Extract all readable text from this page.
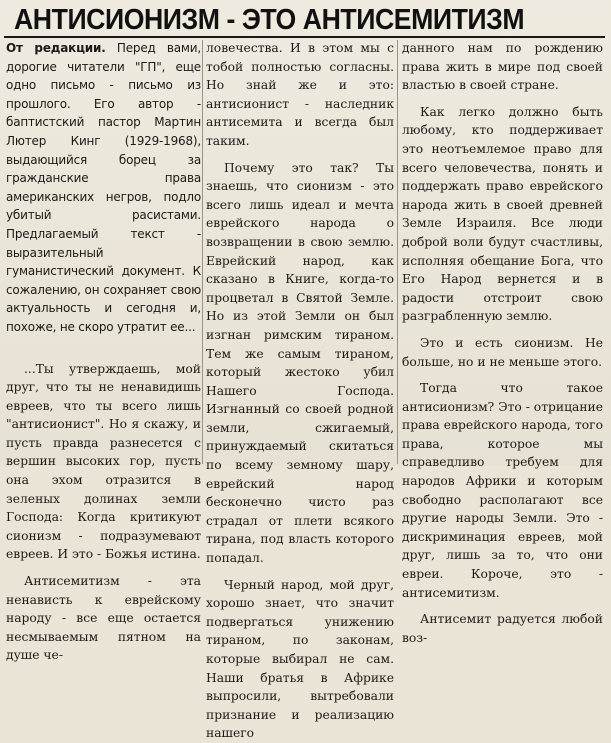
АНТИСИОНИЗМ - ЭТО АНТИСЕМИТИЗМ

От редакции. Перед вами, дорогие читатели "ГП", еще одно письмо - письмо из прошлого. Его автор - баптистский пастор Мартин Лютер Кинг (1929-1968), выдающийся борец за гражданские права американских негров, подло убитый расистами. Предлагаемый текст - выразительный гуманистический документ. К сожалению, он сохраняет свою актуальность и сегодня и, похоже, не скоро утратит ее...

...Ты утверждаешь, мой друг, что ты не ненавидишь евреев, что ты всего лишь "антисионист". Но я скажу, и пусть правда разнесется с вершин высоких гор, пусть она эхом отразится в зеленых долинах земли Господа: Когда критикуют сионизм - подразумевают евреев. И это - Божья истина.

Антисемитизм - эта ненависть к еврейскому народу - все еще остается несмываемым пятном на душе че-

ловечества. И в этом мы с тобой полностью согласны. Но знай же и это: антисионист - наследник антисемита и всегда был таким.

Почему это так? Ты знаешь, что сионизм - это всего лишь идеал и мечта еврейского народа о возвращении в свою землю. Еврейский народ, как сказано в Книге, когда-то процветал в Святой Земле. Но из этой Земли он был изгнан римским тираном. Тем же самым тираном, который жестоко убил Нашего Господа. Изгнанный со своей родной земли, сжигаемый, принуждаемый скитаться по всему земному шару, еврейский народ бесконечно чисто раз страдал от плети всякого тирана, под власть которого попадал.

Черный народ, мой друг, хорошо знает, что значит подвергаться унижению тираном, по законам, которые выбирал не сам. Наши братья в Африке выпросили, вытребовали признание и реализацию нашего

данного нам по рождению права жить в мире под своей властью в своей стране.

Как легко должно быть любому, кто поддерживает это неотъемлемое право для всего человечества, понять и поддержать право еврейского народа жить в своей древней Земле Израиля. Все люди доброй воли будут счастливы, исполняя обещание Бога, что Его Народ вернется и в радости отстроит свою разграбленную землю.

Это и есть сионизм. Не больше, но и не меньше этого.

Тогда что такое антисионизм? Это - отрицание права еврейского народа, того права, которое мы справедливо требуем для народов Африки и которым свободно располагают все другие народы Земли. Это - дискриминация евреев, мой друг, лишь за то, что они евреи. Короче, это - антисемитизм.

Антисемит радуется любой воз-
